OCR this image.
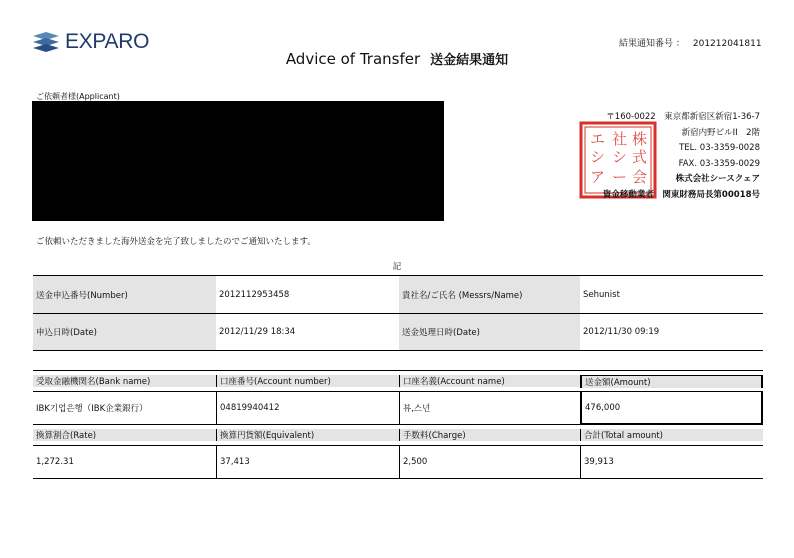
EXPARO	結果通知番号 ： 201212041811
Advice of Transfer 送金結果通知
ご依頼者様(Applicant)
株
式
会
社
シ
ー
エ
シ
ア
〒160-0022　東京都新宿区新宿1-36-7
新宿内野ビルII　2階
TEL. 03-3359-0028
FAX. 03-3359-0029
株式会社シースクェア
資金移動業者　関東財務局長第00018号
ご依頼いただきました海外送金を完了致しましたのでご通知いたします。
記
送金申込番号(Number)	2012112953458	貴社名/ご氏名 (Messrs/Name)	Sehunist
申込日時(Date)	2012/11/29 18:34	送金処理日時(Date)	2012/11/30 09:19
受取金融機関名(Bank name)	口座番号(Account number)	口座名義(Account name)	送金額(Amount)
IBK기업은행（IBK企業銀行）	04819940412	뷰,스넌	476,000
換算割合(Rate)	換算円貨額(Equivalent)	手数料(Charge)	合計(Total amount)
1,272.31	37,413	2,500	39,913
